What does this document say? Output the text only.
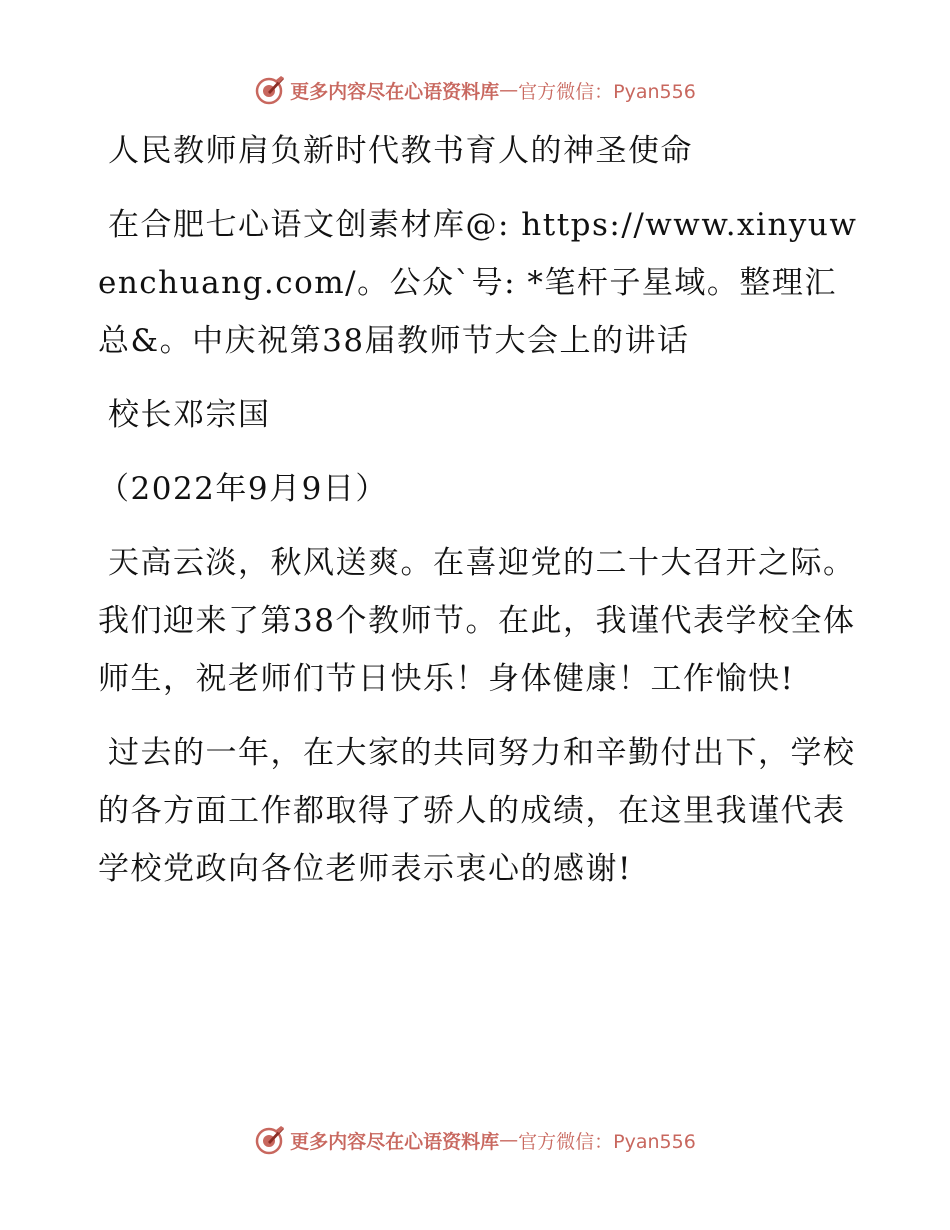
更多内容尽在心语资料库 — 官方微信：Pyan556
人民教师肩负新时代教书育人的神圣使命
在合肥七心语文创素材库@: https://www.xinyuwenchuang.com/。公众`号: *笔杆子星域。整理汇总&。中庆祝第38届教师节大会上的讲话
校长邓宗国
（2022年9月9日）
天高云淡，秋风送爽。在喜迎党的二十大召开之际。我们迎来了第38个教师节。在此，我谨代表学校全体师生，祝老师们节日快乐！身体健康！工作愉快!
过去的一年，在大家的共同努力和辛勤付出下，学校的各方面工作都取得了骄人的成绩，在这里我谨代表学校党政向各位老师表示衷心的感谢!
更多内容尽在心语资料库 — 官方微信：Pyan556
